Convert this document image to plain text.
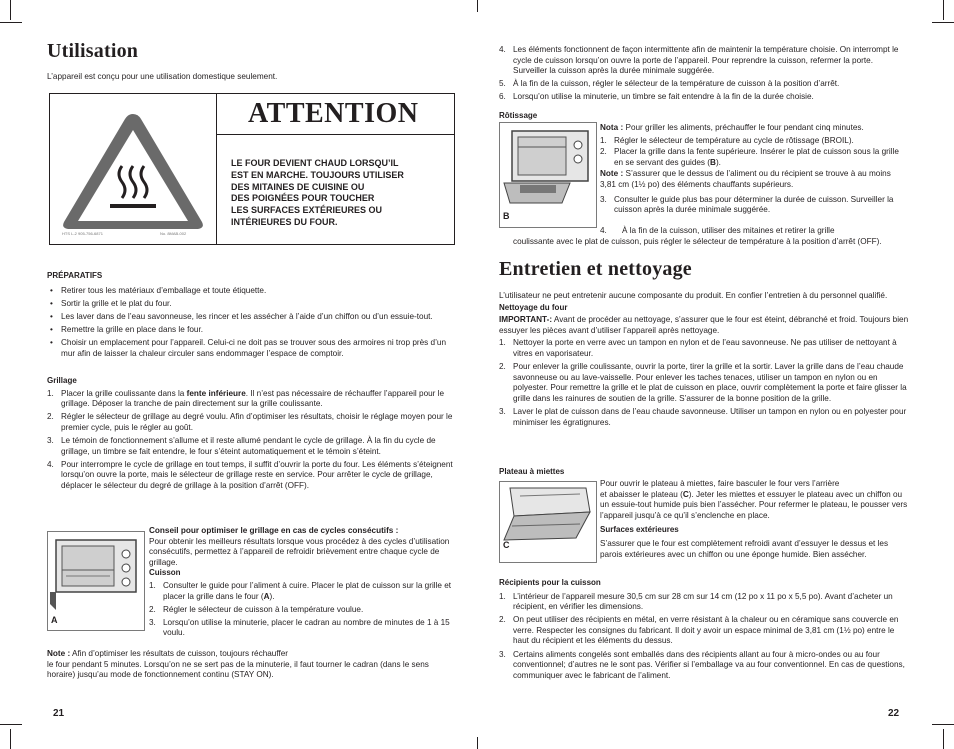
Utilisation

L’appareil est conçu pour une utilisation domestique seulement.

HTS L-2 905-756-6871	No. 8MAB-002
ATTENTION
LE FOUR DEVIENT CHAUD LORSQU’IL
EST EN MARCHE. TOUJOURS UTILISER
DES MITAINES DE CUISINE OU
DES POIGNÉES POUR TOUCHER
LES SURFACES EXTÉRIEURES OU
INTÉRIEURES DU FOUR.
PRÉPARATIFS
• Retirer tous les matériaux d’emballage et toute étiquette.
• Sortir la grille et le plat du four.
• Les laver dans de l’eau savonneuse, les rincer et les assécher à l’aide d’un chiffon ou d’un essuie-tout.
• Remettre la grille en place dans le four.
• Choisir un emplacement pour l’appareil. Celui-ci ne doit pas se trouver sous des armoires ni trop près d’un mur afin de laisser la chaleur circuler sans endommager l’espace de comptoir.
Grillage
1. Placer la grille coulissante dans la fente inférieure. Il n’est pas nécessaire de réchauffer l’appareil pour le grillage. Déposer la tranche de pain directement sur la grille coulissante.
2. Régler le sélecteur de grillage au degré voulu. Afin d’optimiser les résultats, choisir le réglage moyen pour le premier cycle, puis le régler au goût.
3. Le témoin de fonctionnement s’allume et il reste allumé pendant le cycle de grillage. À la fin du cycle de grillage, un timbre se fait entendre, le four s’éteint automatiquement et le témoin s’éteint.
4. Pour interrompre le cycle de grillage en tout temps, il suffit d’ouvrir la porte du four. Les éléments s’éteignent lorsqu’on ouvre la porte, mais le sélecteur de grillage reste en service. Pour arrêter le cycle de grillage, déplacer le sélecteur du degré de grillage à la position d’arrêt (OFF).
A
Conseil pour optimiser le grillage en cas de cycles consécutifs :

Pour obtenir les meilleurs résultats lorsque vous procédez à des cycles d’utilisation consécutifs, permettez à l’appareil de refroidir brièvement entre chaque cycle de grillage.

Cuisson
1. Consulter le guide pour l’aliment à cuire. Placer le plat de cuisson sur la grille et placer la grille dans le four (A).
2. Régler le sélecteur de cuisson à la température voulue.
3. Lorsqu’on utilise la minuterie, placer le cadran au nombre de minutes de 1 à 15 voulu.
Note : Afin d’optimiser les résultats de cuisson, toujours réchauffer

le four pendant 5 minutes. Lorsqu’on ne se sert pas de la minuterie, il faut tourner le cadran (dans le sens horaire) jusqu’au mode de fonctionnement continu (STAY ON).

21
4. Les éléments fonctionnent de façon intermittente afin de maintenir la température choisie. On interrompt le cycle de cuisson lorsqu’on ouvre la porte de l’appareil. Pour reprendre la cuisson, refermer la porte. Surveiller la cuisson après la durée minimale suggérée.
5. À la fin de la cuisson, régler le sélecteur de la température de cuisson à la position d’arrêt.
6. Lorsqu’on utilise la minuterie, un timbre se fait entendre à la fin de la durée choisie.
Rôtissage
B

Nota : Pour griller les aliments, préchauffer le four pendant cinq minutes.

1. Régler le sélecteur de température au cycle de rôtissage (BROIL).
2. Placer la grille dans la fente supérieure. Insérer le plat de cuisson sous la grille en se servant des guides (B).

Note : S’assurer que le dessus de l’aliment ou du récipient se trouve à au moins 3,81 cm (1½ po) des éléments chauffants supérieurs.

3. Consulter le guide plus bas pour déterminer la durée de cuisson. Surveiller la cuisson après la durée minimale suggérée.
4. À la fin de la cuisson, utiliser des mitaines et retirer la grille

coulissante avec le plat de cuisson, puis régler le sélecteur de température à la position d’arrêt (OFF).

Entretien et nettoyage

L’utilisateur ne peut entretenir aucune composante du produit. En confier l’entretien à du personnel qualifié.

Nettoyage du four

IMPORTANT-: Avant de procéder au nettoyage, s’assurer que le four est éteint, débranché et froid. Toujours bien essuyer les pièces avant d’utiliser l’appareil après nettoyage.

1. Nettoyer la porte en verre avec un tampon en nylon et de l’eau savonneuse. Ne pas utiliser de nettoyant à vitres en vaporisateur.
2. Pour enlever la grille coulissante, ouvrir la porte, tirer la grille et la sortir. Laver la grille dans de l’eau chaude savonneuse ou au lave-vaisselle. Pour enlever les taches tenaces, utiliser un tampon en nylon ou en polyester. Pour remettre la grille et le plat de cuisson en place, ouvrir complètement la porte et faire glisser la grille dans les rainures de soutien de la grille. S’assurer de la bonne position de la grille.
3. Laver le plat de cuisson dans de l’eau chaude savonneuse. Utiliser un tampon en nylon ou en polyester pour minimiser les égratignures.
Plateau à miettes
C

Pour ouvrir le plateau à miettes, faire basculer le four vers l’arrière

et abaisser le plateau (C). Jeter les miettes et essuyer le plateau avec un chiffon ou un essuie-tout humide puis bien l’assécher. Pour refermer le plateau, le pousser vers l’appareil jusqu’à ce qu’il s’enclenche en place.

Surfaces extérieures

S’assurer que le four est complètement refroidi avant d’essuyer le dessus et les parois extérieures avec un chiffon ou une éponge humide. Bien assécher.

Récipients pour la cuisson
1. L’intérieur de l’appareil mesure 30,5 cm sur 28 cm sur 14 cm (12 po x 11 po x 5,5 po). Avant d’acheter un récipient, en vérifier les dimensions.
2. On peut utiliser des récipients en métal, en verre résistant à la chaleur ou en céramique sans couvercle en verre. Respecter les consignes du fabricant. Il doit y avoir un espace minimal de 3,81 cm (1½ po) entre le haut du récipient et les éléments du dessus.
3. Certains aliments congelés sont emballés dans des récipients allant au four à micro-ondes ou au four conventionnel; d’autres ne le sont pas. Vérifier si l’emballage va au four conventionnel. En cas de questions, communiquer avec le fabricant de l’aliment.
22
